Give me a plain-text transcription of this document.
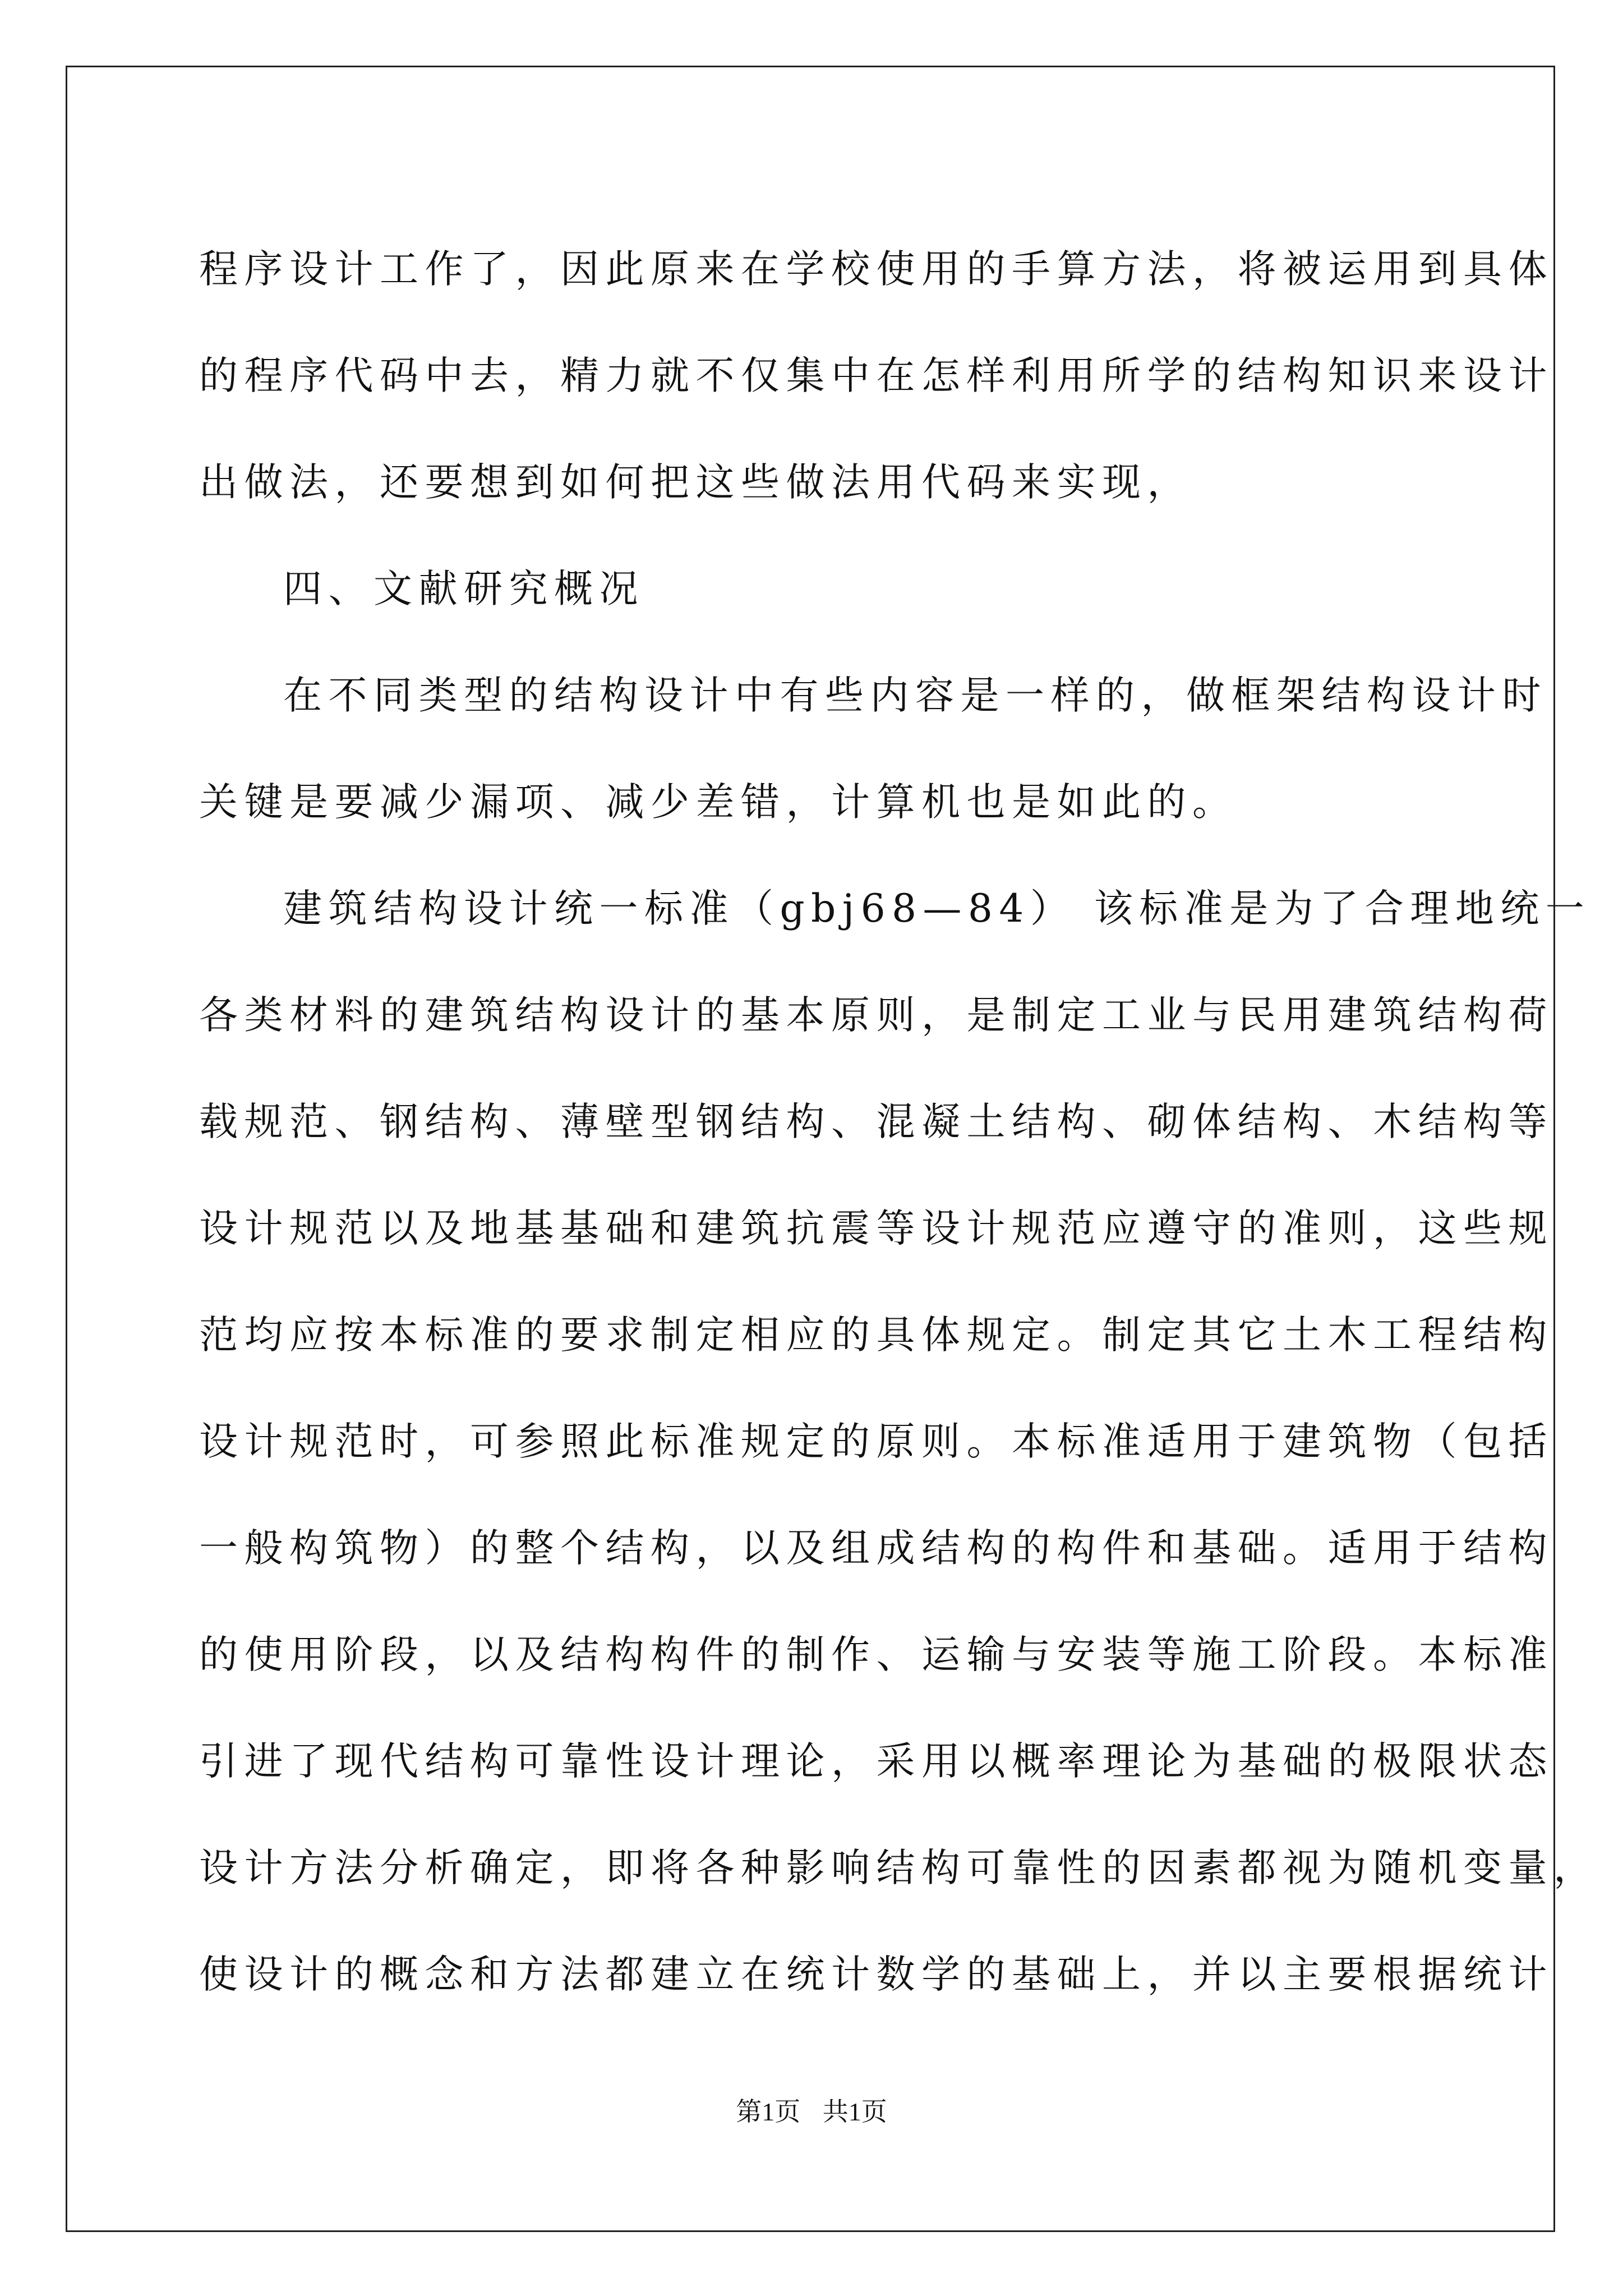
程序设计工作了，因此原来在学校使用的手算方法，将被运用到具体
的程序代码中去，精力就不仅集中在怎样利用所学的结构知识来设计
出做法，还要想到如何把这些做法用代码来实现，
四、文献研究概况
在不同类型的结构设计中有些内容是一样的，做框架结构设计时
关键是要减少漏项、减少差错，计算机也是如此的。
建筑结构设计统一标准（gbj68—84） 该标准是为了合理地统一
各类材料的建筑结构设计的基本原则，是制定工业与民用建筑结构荷
载规范、钢结构、薄壁型钢结构、混凝土结构、砌体结构、木结构等
设计规范以及地基基础和建筑抗震等设计规范应遵守的准则，这些规
范均应按本标准的要求制定相应的具体规定。制定其它土木工程结构
设计规范时，可参照此标准规定的原则。本标准适用于建筑物（包括
一般构筑物）的整个结构，以及组成结构的构件和基础。适用于结构
的使用阶段，以及结构构件的制作、运输与安装等施工阶段。本标准
引进了现代结构可靠性设计理论，采用以概率理论为基础的极限状态
设计方法分析确定，即将各种影响结构可靠性的因素都视为随机变量，
使设计的概念和方法都建立在统计数学的基础上，并以主要根据统计
第1页 共1页
